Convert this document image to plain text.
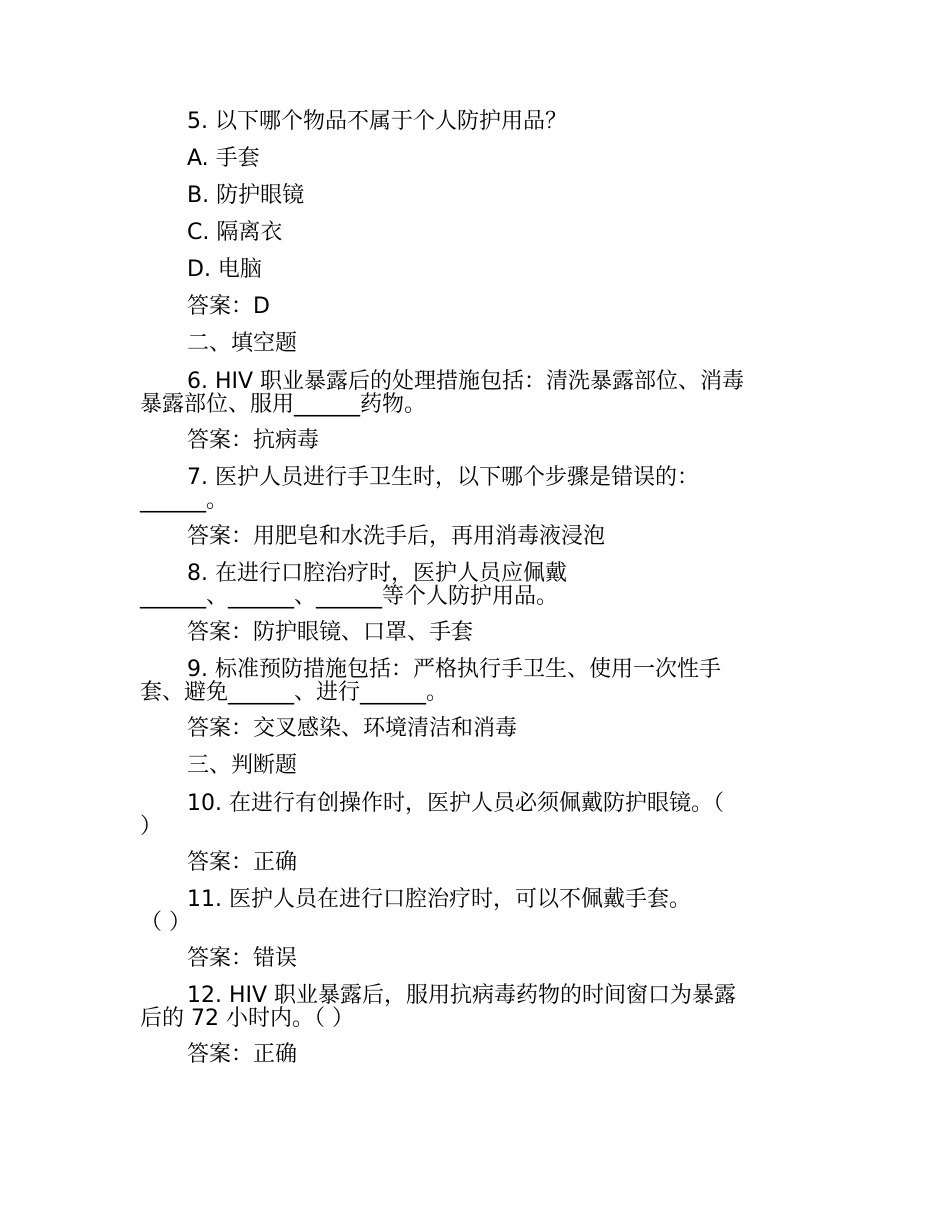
5. 以下哪个物品不属于个人防护用品？
A. 手套
B. 防护眼镜
C. 隔离衣
D. 电脑
答案：D
二、填空题
6. HIV 职业暴露后的处理措施包括：清洗暴露部位、消毒
暴露部位、服用______药物。
答案：抗病毒
7. 医护人员进行手卫生时，以下哪个步骤是错误的：
______。
答案：用肥皂和水洗手后，再用消毒液浸泡
8. 在进行口腔治疗时，医护人员应佩戴
______、______、______等个人防护用品。
答案：防护眼镜、口罩、手套
9. 标准预防措施包括：严格执行手卫生、使用一次性手
套、避免______、进行______。
答案：交叉感染、环境清洁和消毒
三、判断题
10. 在进行有创操作时，医护人员必须佩戴防护眼镜。（
）
答案：正确
11. 医护人员在进行口腔治疗时，可以不佩戴手套。
（ ）
答案：错误
12. HIV 职业暴露后，服用抗病毒药物的时间窗口为暴露
后的 72 小时内。（ ）
答案：正确
